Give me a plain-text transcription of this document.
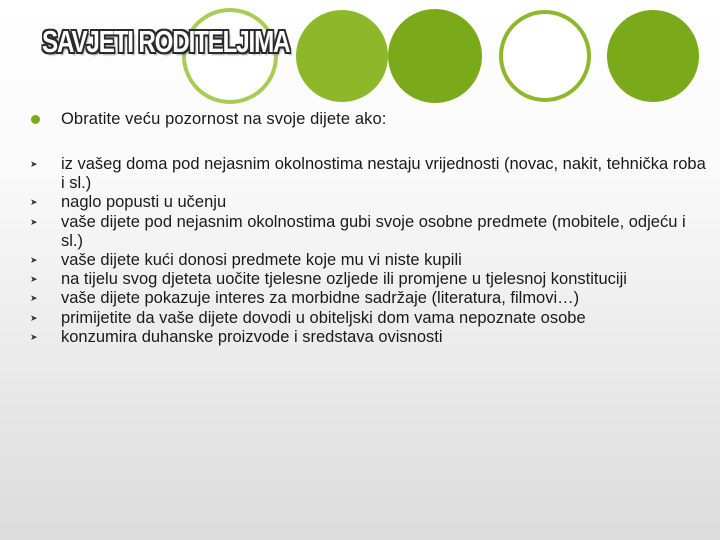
SAVJETI RODITELJIMA
Obratite veću pozornost na svoje dijete ako:
➤ iz vašeg doma pod nejasnim okolnostima nestaju vrijednosti (novac, nakit, tehnička roba i sl.)
➤ naglo popusti u učenju
➤ vaše dijete pod nejasnim okolnostima gubi svoje osobne predmete (mobitele, odjeću i sl.)
➤ vaše dijete kući donosi predmete koje mu vi niste kupili
➤ na tijelu svog djeteta uočite tjelesne ozljede ili promjene u tjelesnoj konstituciji
➤ vaše dijete pokazuje interes za morbidne sadržaje (literatura, filmovi…)
➤ primijetite da vaše dijete dovodi u obiteljski dom vama nepoznate osobe
➤ konzumira duhanske proizvode i sredstava ovisnosti
